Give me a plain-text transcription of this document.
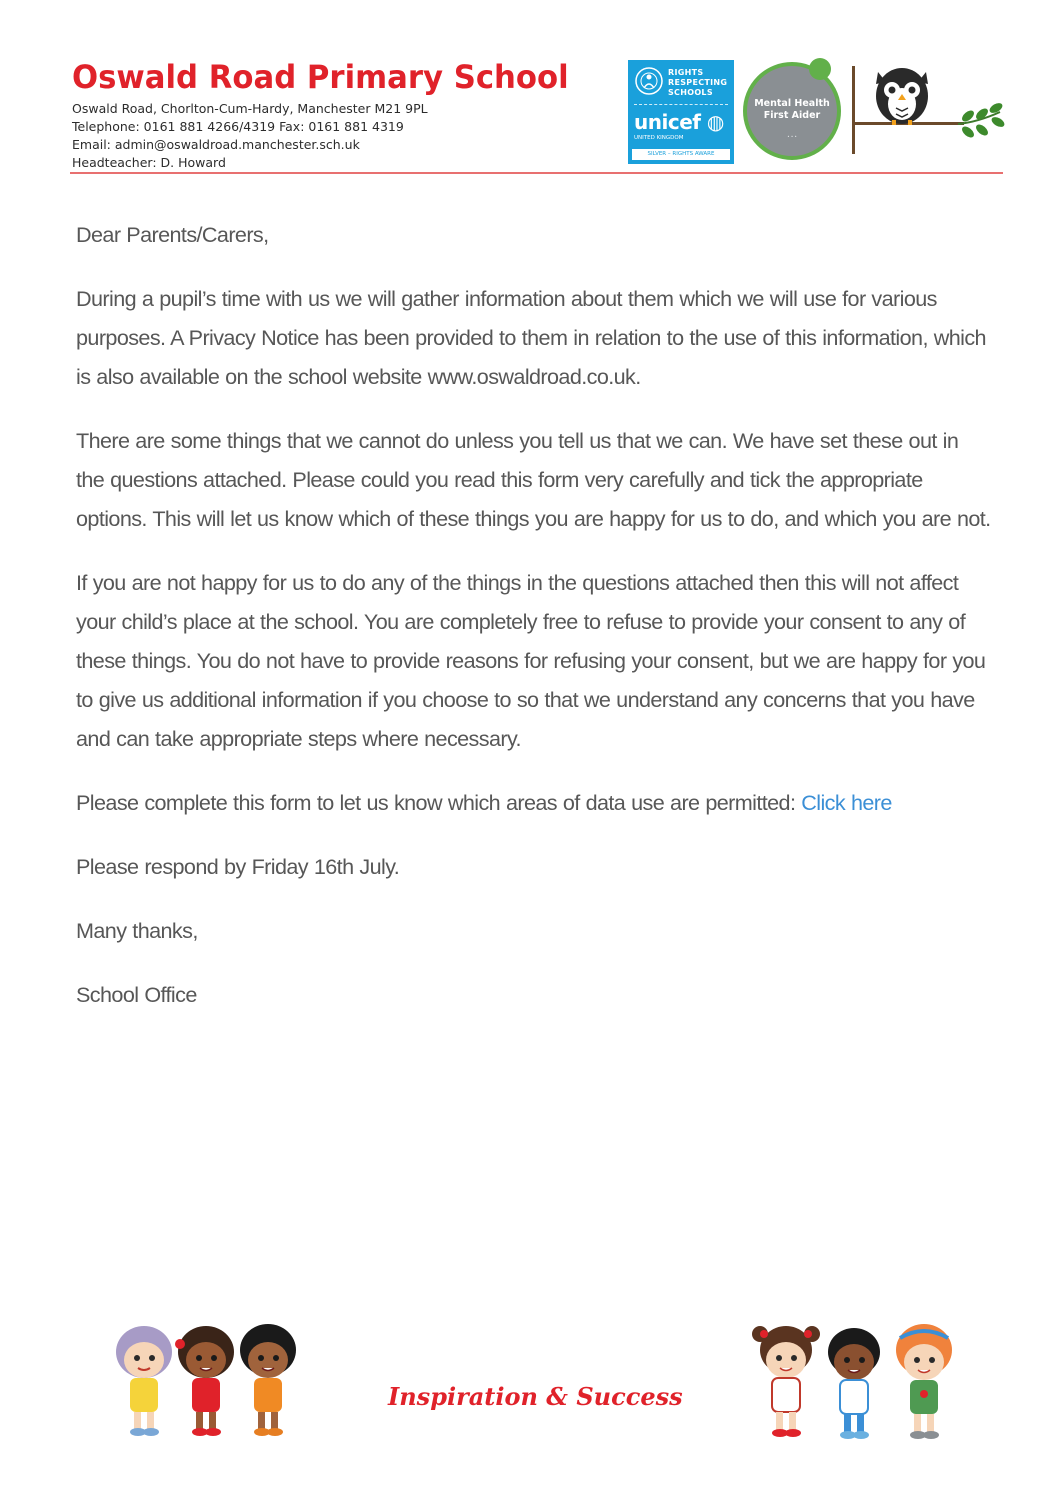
Oswald Road Primary School
Oswald Road, Chorlton-Cum-Hardy, Manchester M21 9PL
Telephone: 0161 881 4266/4319 Fax: 0161 881 4319
Email: admin@oswaldroad.manchester.sch.uk
Headteacher: D. Howard
RIGHTS
RESPECTING
SCHOOLS
unicef ◍
UNITED KINGDOM
SILVER – RIGHTS AWARE
Mental Health First Aider
• • •

Dear Parents/Carers,

During a pupil’s time with us we will gather information about them which we will use for various purposes. A Privacy Notice has been provided to them in relation to the use of this information, which is also available on the school website www.oswaldroad.co.uk.

There are some things that we cannot do unless you tell us that we can. We have set these out in the questions attached. Please could you read this form very carefully and tick the appropriate options. This will let us know which of these things you are happy for us to do, and which you are not.

If you are not happy for us to do any of the things in the questions attached then this will not affect your child’s place at the school. You are completely free to refuse to provide your consent to any of these things. You do not have to provide reasons for refusing your consent, but we are happy for you to give us additional information if you choose to so that we understand any concerns that you have and can take appropriate steps where necessary.

Please complete this form to let us know which areas of data use are permitted: Click here

Please respond by Friday 16th July.

Many thanks,

School Office

Inspiration & Success
